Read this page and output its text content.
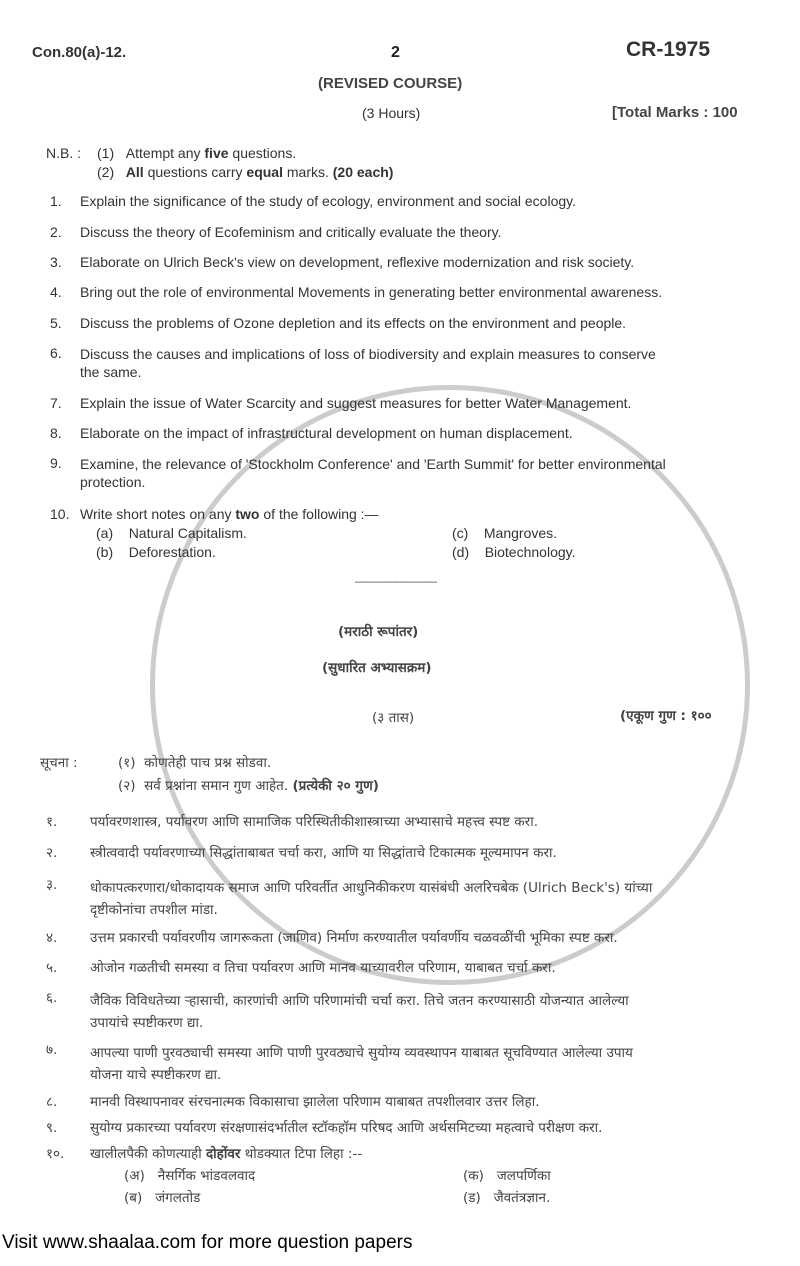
Con.80(a)-12.	2	CR-1975
(REVISED COURSE)
(3 Hours)	[Total Marks : 100
N.B. : (1) Attempt any five questions.
(2) All questions carry equal marks. (20 each)
1. Explain the significance of the study of ecology, environment and social ecology.
2. Discuss the theory of Ecofeminism and critically evaluate the theory.
3. Elaborate on Ulrich Beck's view on development, reflexive modernization and risk society.
4. Bring out the role of environmental Movements in generating better environmental awareness.
5. Discuss the problems of Ozone depletion and its effects on the environment and people.
6. Discuss the causes and implications of loss of biodiversity and explain measures to conserve
the same.
7. Explain the issue of Water Scarcity and suggest measures for better Water Management.
8. Elaborate on the impact of infrastructural development on human displacement.
9. Examine, the relevance of 'Stockholm Conference' and 'Earth Summit' for better environmental
protection.
10. Write short notes on any two of the following :—
(a) Natural Capitalism.
(b) Deforestation.
(c) Mangroves.
(d) Biotechnology.
————————
(मराठी रूपांतर)
(सुधारित अभ्यासक्रम)
(३ तास)	(एकूण गुण : १००
सूचना :	(१) कोणतेही पाच प्रश्न सोडवा.
(२) सर्व प्रश्नांना समान गुण आहेत. (प्रत्येकी २० गुण)
१. पर्यावरणशास्त्र, पर्यावरण आणि सामाजिक परिस्थितीकीशास्त्राच्या अभ्यासाचे महत्त्व स्पष्ट करा.
२. स्त्रीत्ववादी पर्यावरणाच्या सिद्धांताबाबत चर्चा करा, आणि या सिद्धांताचे टिकात्मक मूल्यमापन करा.
३. धोकापत्करणारा/धोकादायक समाज आणि परिवर्तीत आधुनिकीकरण यासंबंधी अलरिचबेक (Ulrich Beck's) यांच्या
दृष्टीकोनांचा तपशील मांडा.
४. उत्तम प्रकारची पर्यावरणीय जागरूकता (जाणिव) निर्माण करण्यातील पर्यावर्णीय चळवळींची भूमिका स्पष्ट करा.
५. ओजोन गळतीची समस्या व तिचा पर्यावरण आणि मानव याच्यावरील परिणाम, याबाबत चर्चा करा.
६. जैविक विविधतेच्या ऱ्हासाची, कारणांची आणि परिणामांची चर्चा करा. तिचे जतन करण्यासाठी योजन्यात आलेल्या
उपायांचे स्पष्टीकरण द्या.
७. आपल्या पाणी पुरवठ्याची समस्या आणि पाणी पुरवठ्याचे सुयोग्य व्यवस्थापन याबाबत सूचविण्यात आलेल्या उपाय
योजना याचे स्पष्टीकरण द्या.
८. मानवी विस्थापनावर संरचनात्मक विकासाचा झालेला परिणाम याबाबत तपशीलवार उत्तर लिहा.
९. सुयोग्य प्रकारच्या पर्यावरण संरक्षणासंदर्भातील स्टॉकहॉम परिषद आणि अर्थसमिटच्या महत्वाचे परीक्षण करा.
१०. खालीलपैकी कोणत्याही दोहोंवर थोडक्यात टिपा लिहा :--
(अ) नैसर्गिक भांडवलवाद
(ब) जंगलतोड
(क) जलपर्णिका
(ड) जैवतंत्रज्ञान.
Visit www.shaalaa.com for more question papers
